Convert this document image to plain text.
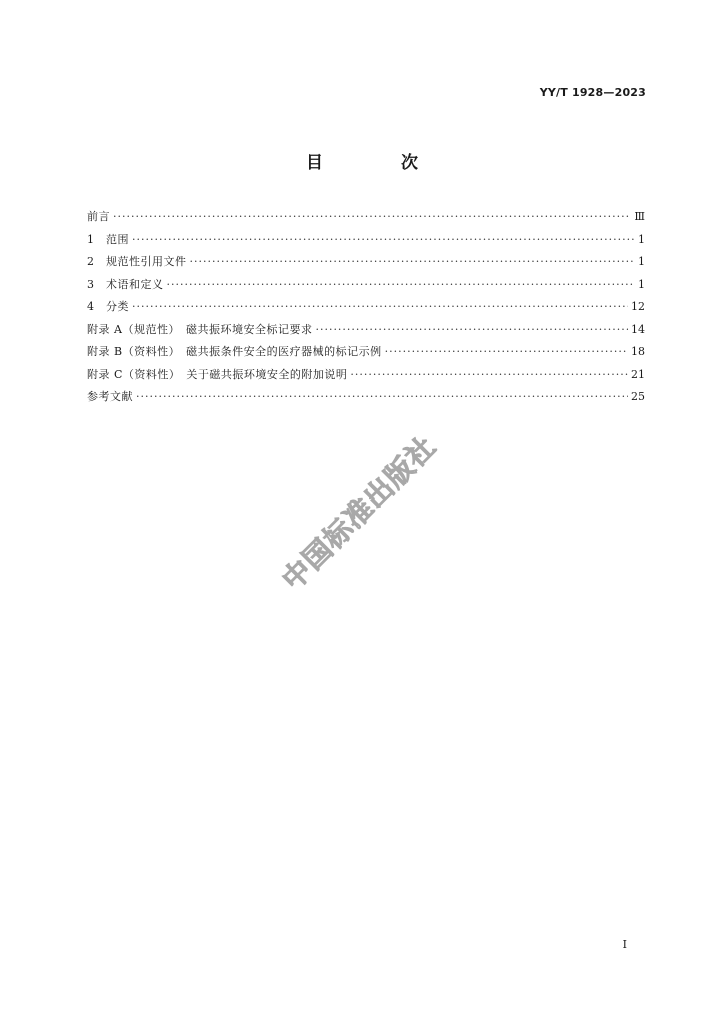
YY/T 1928—2023
目 次
前言 ·····	Ⅲ
1　范围 ·····	1
2　规范性引用文件 ·····	1
3　术语和定义 ·····	1
4　分类 ·····	12
附录 A（规范性）　磁共振环境安全标记要求 ·····	14
附录 B（资料性）　磁共振条件安全的医疗器械的标记示例 ·····	18
附录 C（资料性）　关于磁共振环境安全的附加说明 ·····	21
参考文献 ·····	25
中国标准出版社
Ⅰ
